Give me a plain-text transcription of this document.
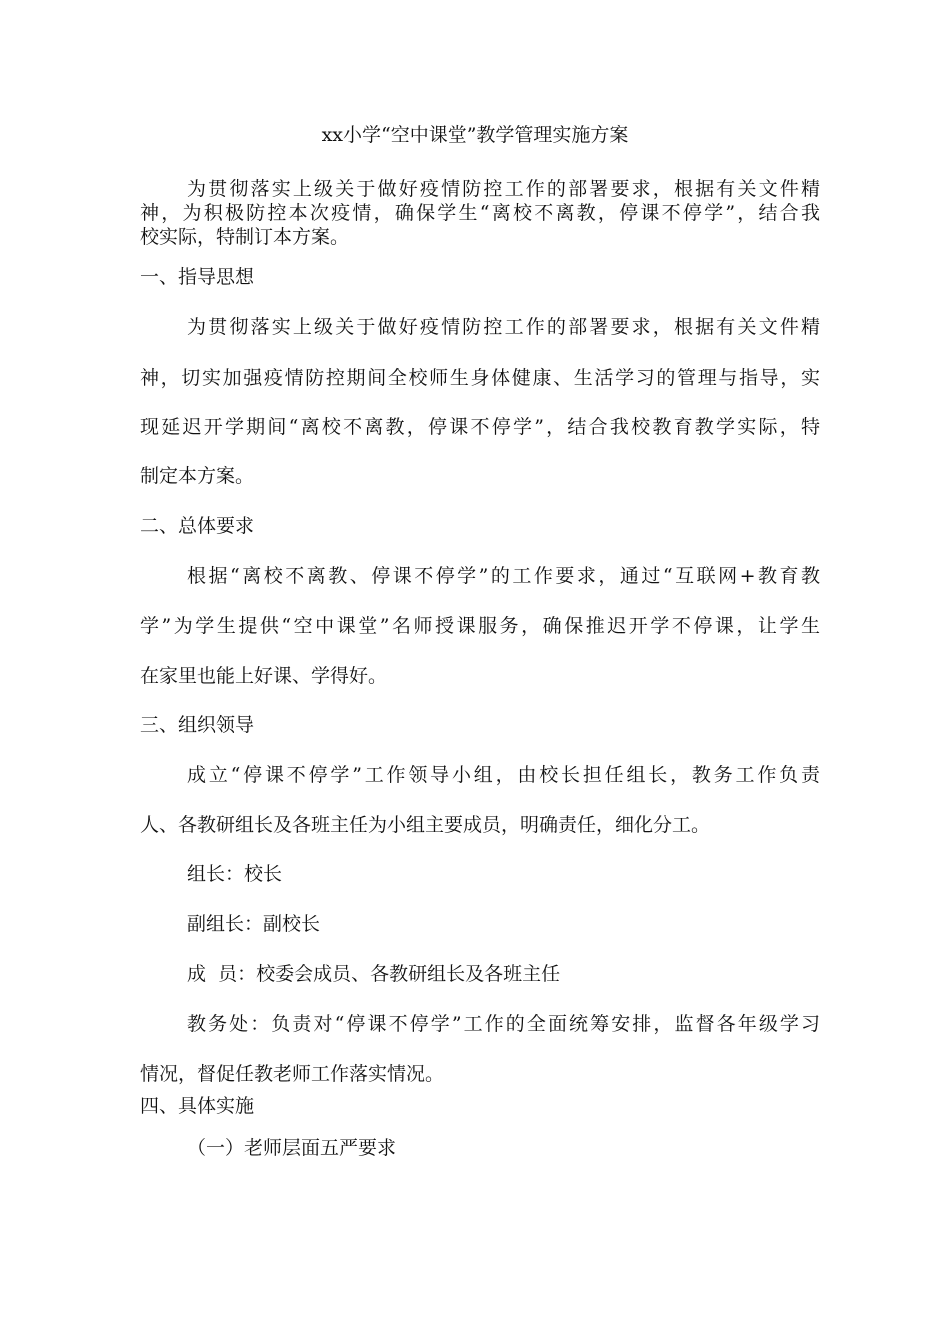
xx小学“空中课堂”教学管理实施方案
为贯彻落实上级关于做好疫情防控工作的部署要求，根据有关文件精
神，为积极防控本次疫情，确保学生“离校不离教，停课不停学”，结合我
校实际，特制订本方案。
一、指导思想
为贯彻落实上级关于做好疫情防控工作的部署要求，根据有关文件精
神，切实加强疫情防控期间全校师生身体健康、生活学习的管理与指导，实
现延迟开学期间“离校不离教，停课不停学”，结合我校教育教学实际，特
制定本方案。
二、总体要求
根据“离校不离教、停课不停学”的工作要求，通过“互联网+教育教
学”为学生提供“空中课堂”名师授课服务，确保推迟开学不停课，让学生
在家里也能上好课、学得好。
三、组织领导
成立“停课不停学”工作领导小组，由校长担任组长，教务工作负责
人、各教研组长及各班主任为小组主要成员，明确责任，细化分工。
组长：校长
副组长：副校长
成  员：校委会成员、各教研组长及各班主任
教务处：负责对“停课不停学”工作的全面统筹安排，监督各年级学习
情况，督促任教老师工作落实情况。
四、具体实施
（一）老师层面五严要求
